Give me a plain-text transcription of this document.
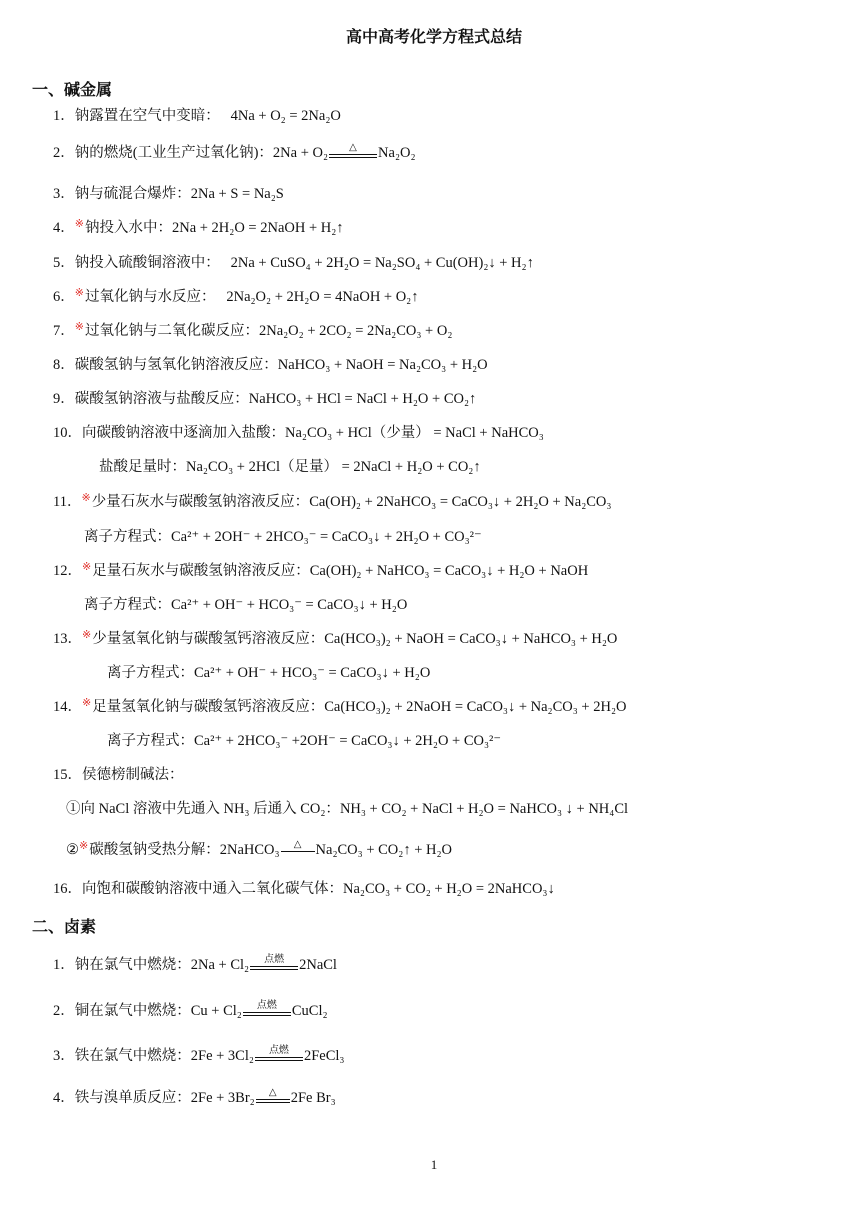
高中高考化学方程式总结
一、碱金属
1．钠露置在空气中变暗： 4Na + O₂ = 2Na₂O
2．钠的燃烧(工业生产过氧化钠)：2Na + O₂	△	Na₂O₂
3．钠与硫混合爆炸：2Na + S = Na₂S
4．※钠投入水中：2Na + 2H₂O = 2NaOH + H₂↑
5．钠投入硫酸铜溶液中： 2Na + CuSO₄ + 2H₂O = Na₂SO₄ + Cu(OH)₂↓ + H₂↑
6．※过氧化钠与水反应： 2Na₂O₂ + 2H₂O = 4NaOH + O₂↑
7．※过氧化钠与二氧化碳反应：2Na₂O₂ + 2CO₂ = 2Na₂CO₃ + O₂
8．碳酸氢钠与氢氧化钠溶液反应：NaHCO₃ + NaOH = Na₂CO₃ + H₂O
9．碳酸氢钠溶液与盐酸反应：NaHCO₃ + HCl = NaCl + H₂O + CO₂↑
10．向碳酸钠溶液中逐滴加入盐酸：Na₂CO₃ + HCl（少量） = NaCl + NaHCO₃
盐酸足量时：Na₂CO₃ + 2HCl（足量） = 2NaCl + H₂O + CO₂↑
11．※少量石灰水与碳酸氢钠溶液反应：Ca(OH)₂ + 2NaHCO₃ = CaCO₃↓ + 2H₂O + Na₂CO₃
离子方程式：Ca²⁺ + 2OH⁻ + 2HCO₃⁻ = CaCO₃↓ + 2H₂O + CO₃²⁻
12．※足量石灰水与碳酸氢钠溶液反应：Ca(OH)₂ + NaHCO₃ = CaCO₃↓ + H₂O + NaOH
离子方程式：Ca²⁺ + OH⁻ + HCO₃⁻ = CaCO₃↓ + H₂O
13．※少量氢氧化钠与碳酸氢钙溶液反应：Ca(HCO₃)₂ + NaOH = CaCO₃↓ + NaHCO₃ + H₂O
离子方程式：Ca²⁺ + OH⁻ + HCO₃⁻ = CaCO₃↓ + H₂O
14．※足量氢氧化钠与碳酸氢钙溶液反应：Ca(HCO₃)₂ + 2NaOH = CaCO₃↓ + Na₂CO₃ + 2H₂O
离子方程式：Ca²⁺ + 2HCO₃⁻ +2OH⁻ = CaCO₃↓ + 2H₂O + CO₃²⁻
15．侯德榜制碱法：
①向 NaCl 溶液中先通入 NH₃ 后通入 CO₂：NH₃ + CO₂ + NaCl + H₂O = NaHCO₃ ↓ + NH₄Cl
②※碳酸氢钠受热分解：2NaHCO₃	△ Na₂CO₃ + CO₂↑ + H₂O
16．向饱和碳酸钠溶液中通入二氧化碳气体：Na₂CO₃ + CO₂ + H₂O = 2NaHCO₃↓
二、卤素
1．钠在氯气中燃烧：2Na + Cl₂	点燃	2NaCl
2．铜在氯气中燃烧：Cu + Cl₂	点燃	CuCl₂
3．铁在氯气中燃烧：2Fe + 3Cl₂	点燃	2FeCl₃
4．铁与溴单质反应：2Fe + 3Br₂	△ 2Fe Br₃
1
